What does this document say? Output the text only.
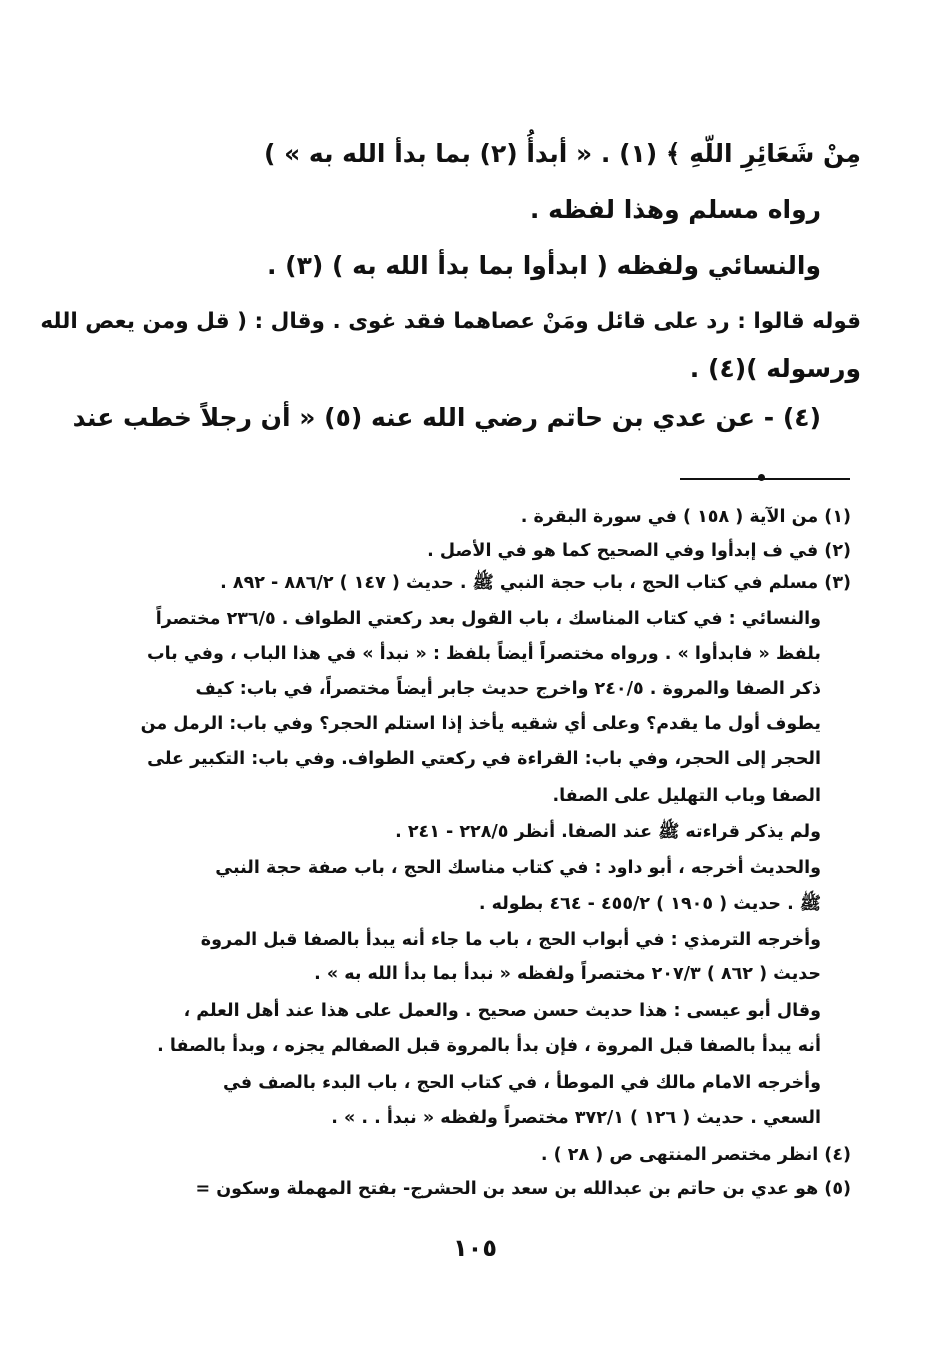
مِنْ شَعَائِرِ اللّهِ ﴾ (١) . « أبدأُ (٢) بما بدأ الله به » )
رواه مسلم وهذا لفظه .
والنسائي ولفظه ( ابدأوا بما بدأ الله به ) (٣) .
قوله قالوا : رد على قائل ومَنْ عصاهما فقد غوى . وقال : ( قل ومن يعص الله
ورسوله )(٤) .
(٤) - عن عدي بن حاتم رضي الله عنه (٥) « أن رجلاً خطب عند
(١) من الآية ( ١٥٨ ) في سورة البقرة .
(٢) في ف إبدأوا وفي الصحيح كما هو في الأصل .
(٣) مسلم في كتاب الحج ، باب حجة النبي ﷺ . حديث ( ١٤٧ ) ٨٨٦/٢ - ٨٩٢ .
والنسائي : في كتاب المناسك ، باب القول بعد ركعتي الطواف . ٢٣٦/٥ مختصراً
بلفظ « فابدأوا » . ورواه مختصراً أيضاً بلفظ : « نبدأ » في هذا الباب ، وفي باب
ذكر الصفا والمروة . ٢٤٠/٥ واخرج حديث جابر أيضاً مختصراً، في باب: كيف
يطوف أول ما يقدم؟ وعلى أي شقيه يأخذ إذا استلم الحجر؟ وفي باب: الرمل من
الحجر إلى الحجر، وفي باب: القراءة في ركعتي الطواف. وفي باب: التكبير على
الصفا وباب التهليل على الصفا.
ولم يذكر قراءته ﷺ عند الصفا. أنظر ٢٢٨/٥ - ٢٤١ .
والحديث أخرجه ، أبو داود : في كتاب مناسك الحج ، باب صفة حجة النبي
ﷺ . حديث ( ١٩٠٥ ) ٤٥٥/٢ - ٤٦٤ بطوله .
وأخرجه الترمذي : في أبواب الحج ، باب ما جاء أنه يبدأ بالصفا قبل المروة
حديث ( ٨٦٢ ) ٢٠٧/٣ مختصراً ولفظه « نبدأ بما بدأ الله به » .
وقال أبو عيسى : هذا حديث حسن صحيح . والعمل على هذا عند أهل العلم ،
أنه يبدأ بالصفا قبل المروة ، فإن بدأ بالمروة قبل الصفالم يجزه ، وبدأ بالصفا .
وأخرجه الامام مالك في الموطأ ، في كتاب الحج ، باب البدء بالصف في
السعي . حديث ( ١٢٦ ) ٣٧٢/١ مختصراً ولفظه « نبدأ . . » .
(٤) انظر مختصر المنتهى ص ( ٢٨ ) .
(٥) هو عدي بن حاتم بن عبدالله بن سعد بن الحشرج- بفتح المهملة وسكون =
١٠٥
